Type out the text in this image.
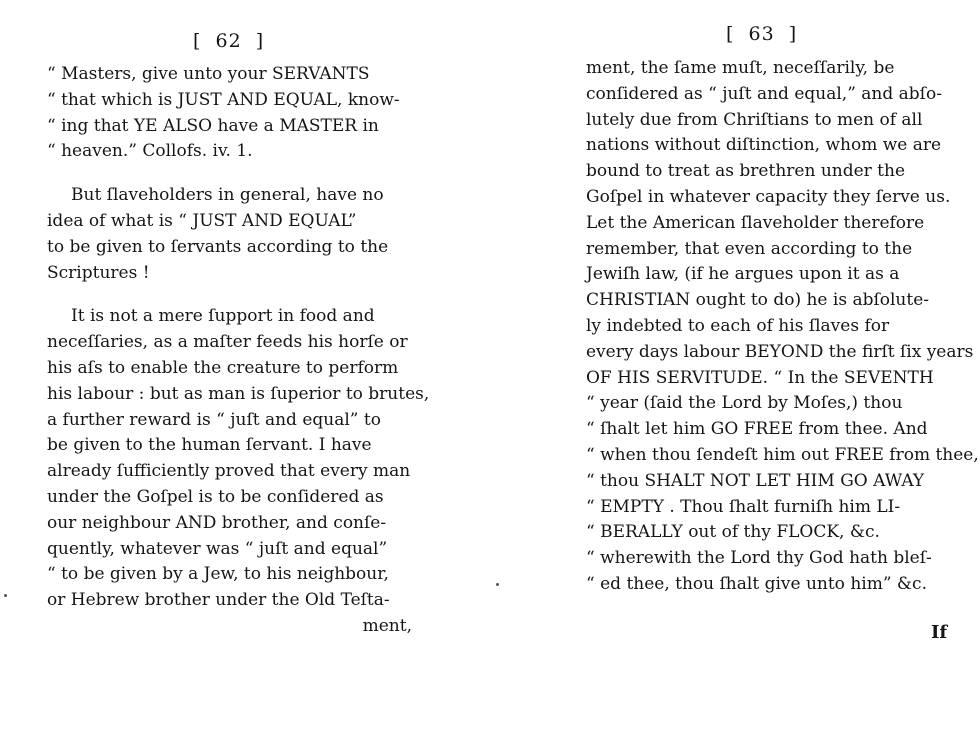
[  62  ]
“ Masters, give unto your SERVANTS
“ that which is JUST AND EQUAL, know-
“ ing that YE ALSO have a MASTER in
“ heaven.” Collofs. iv. 1.
But ſlaveholders in general, have no
idea of what is “ JUST AND EQUAL”
to be given to ſervants according to the
Scriptures !
It is not a mere ſupport in food and
neceſſaries, as a maſter feeds his horſe or
his aſs to enable the creature to perform
his labour : but as man is ſuperior to brutes,
a further reward is “ juſt and equal” to
be given to the human ſervant. I have
already ſufficiently proved that every man
under the Goſpel is to be conſidered as
our neighbour AND brother, and conſe-
quently, whatever was “ juſt and equal”
“ to be given by a Jew, to his neighbour,
or Hebrew brother under the Old Teſta-
ment,
[  63  ]
ment, the ſame muſt, neceſſarily, be
conſidered as “ juſt and equal,” and abſo-
lutely due from Chriſtians to men of all
nations without diſtinction, whom we are
bound to treat as brethren under the
Goſpel in whatever capacity they ſerve us.
Let the American ſlaveholder therefore
remember, that even according to the
Jewiſh law, (if he argues upon it as a
CHRISTIAN ought to do) he is abſolute-
ly indebted to each of his ſlaves for
every days labour BEYOND the firſt ſix years
OF HIS SERVITUDE. “ In the SEVENTH
“ year (ſaid the Lord by Moſes,) thou
“ ſhalt let him GO FREE from thee. And
“ when thou ſendeſt him out FREE from thee,
“ thou SHALT NOT LET HIM GO AWAY
“ EMPTY . Thou ſhalt furniſh him LI-
“ BERALLY out of thy FLOCK, &c.
“ wherewith the Lord thy God hath bleſ-
“ ed thee, thou ſhalt give unto him” &c.
If
